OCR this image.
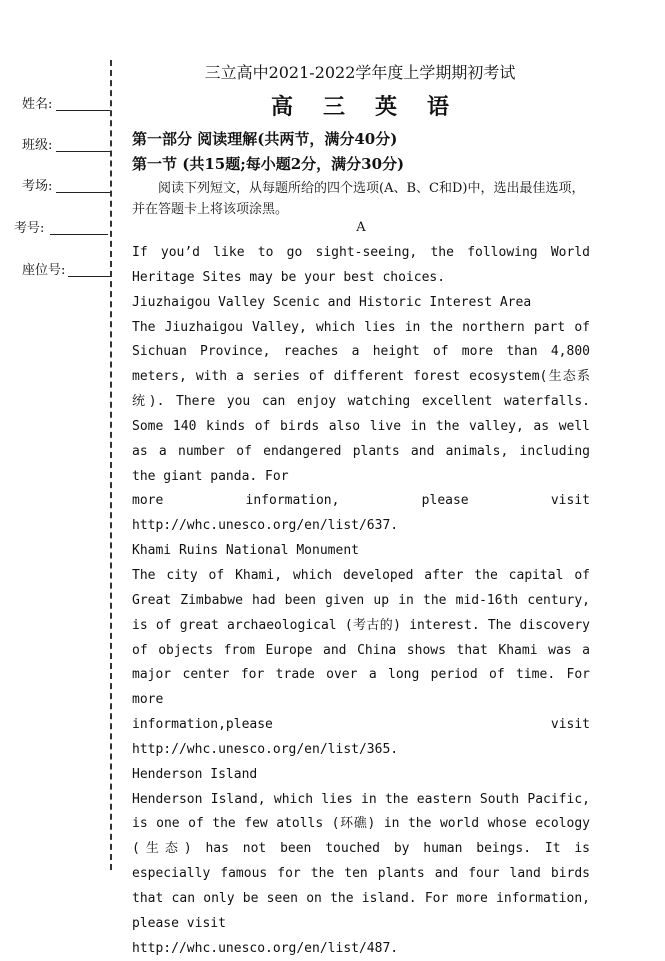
姓名:
班级:
考场:
考号:
座位号:
三立高中2021-2022学年度上学期期初考试
高三英语
第一部分 阅读理解(共两节，满分40分)
第一节 (共15题;每小题2分，满分30分)
阅读下列短文，从每题所给的四个选项(A、B、C和D)中，选出最佳选项，并在答题卡上将该项涂黑。
A

If you’d like to go sight-seeing, the following World Heritage Sites may be your best choices.

Jiuzhaigou Valley Scenic and Historic Interest Area

The Jiuzhaigou Valley, which lies in the northern part of Sichuan Province, reaches a height of more than 4,800 meters, with a series of different forest ecosystem(生态系统). There you can enjoy watching excellent waterfalls. Some 140 kinds of birds also live in the valley, as well as a number of endangered plants and animals, including the giant panda. For

more information, please visit

http://whc.unesco.org/en/list/637.

Khami Ruins National Monument

The city of Khami, which developed after the capital of Great Zimbabwe had been given up in the mid-16th century, is of great archaeological (考古的) interest. The discovery of objects from Europe and China shows that Khami was a major center for trade over a long period of time. For more

information,please visit

http://whc.unesco.org/en/list/365.

Henderson Island

Henderson Island, which lies in the eastern South Pacific, is one of the few atolls (环礁) in the world whose ecology (生态) has not been touched by human beings. It is especially famous for the ten plants and four land birds that can only be seen on the island. For more information, please visit

http://whc.unesco.org/en/list/487.
